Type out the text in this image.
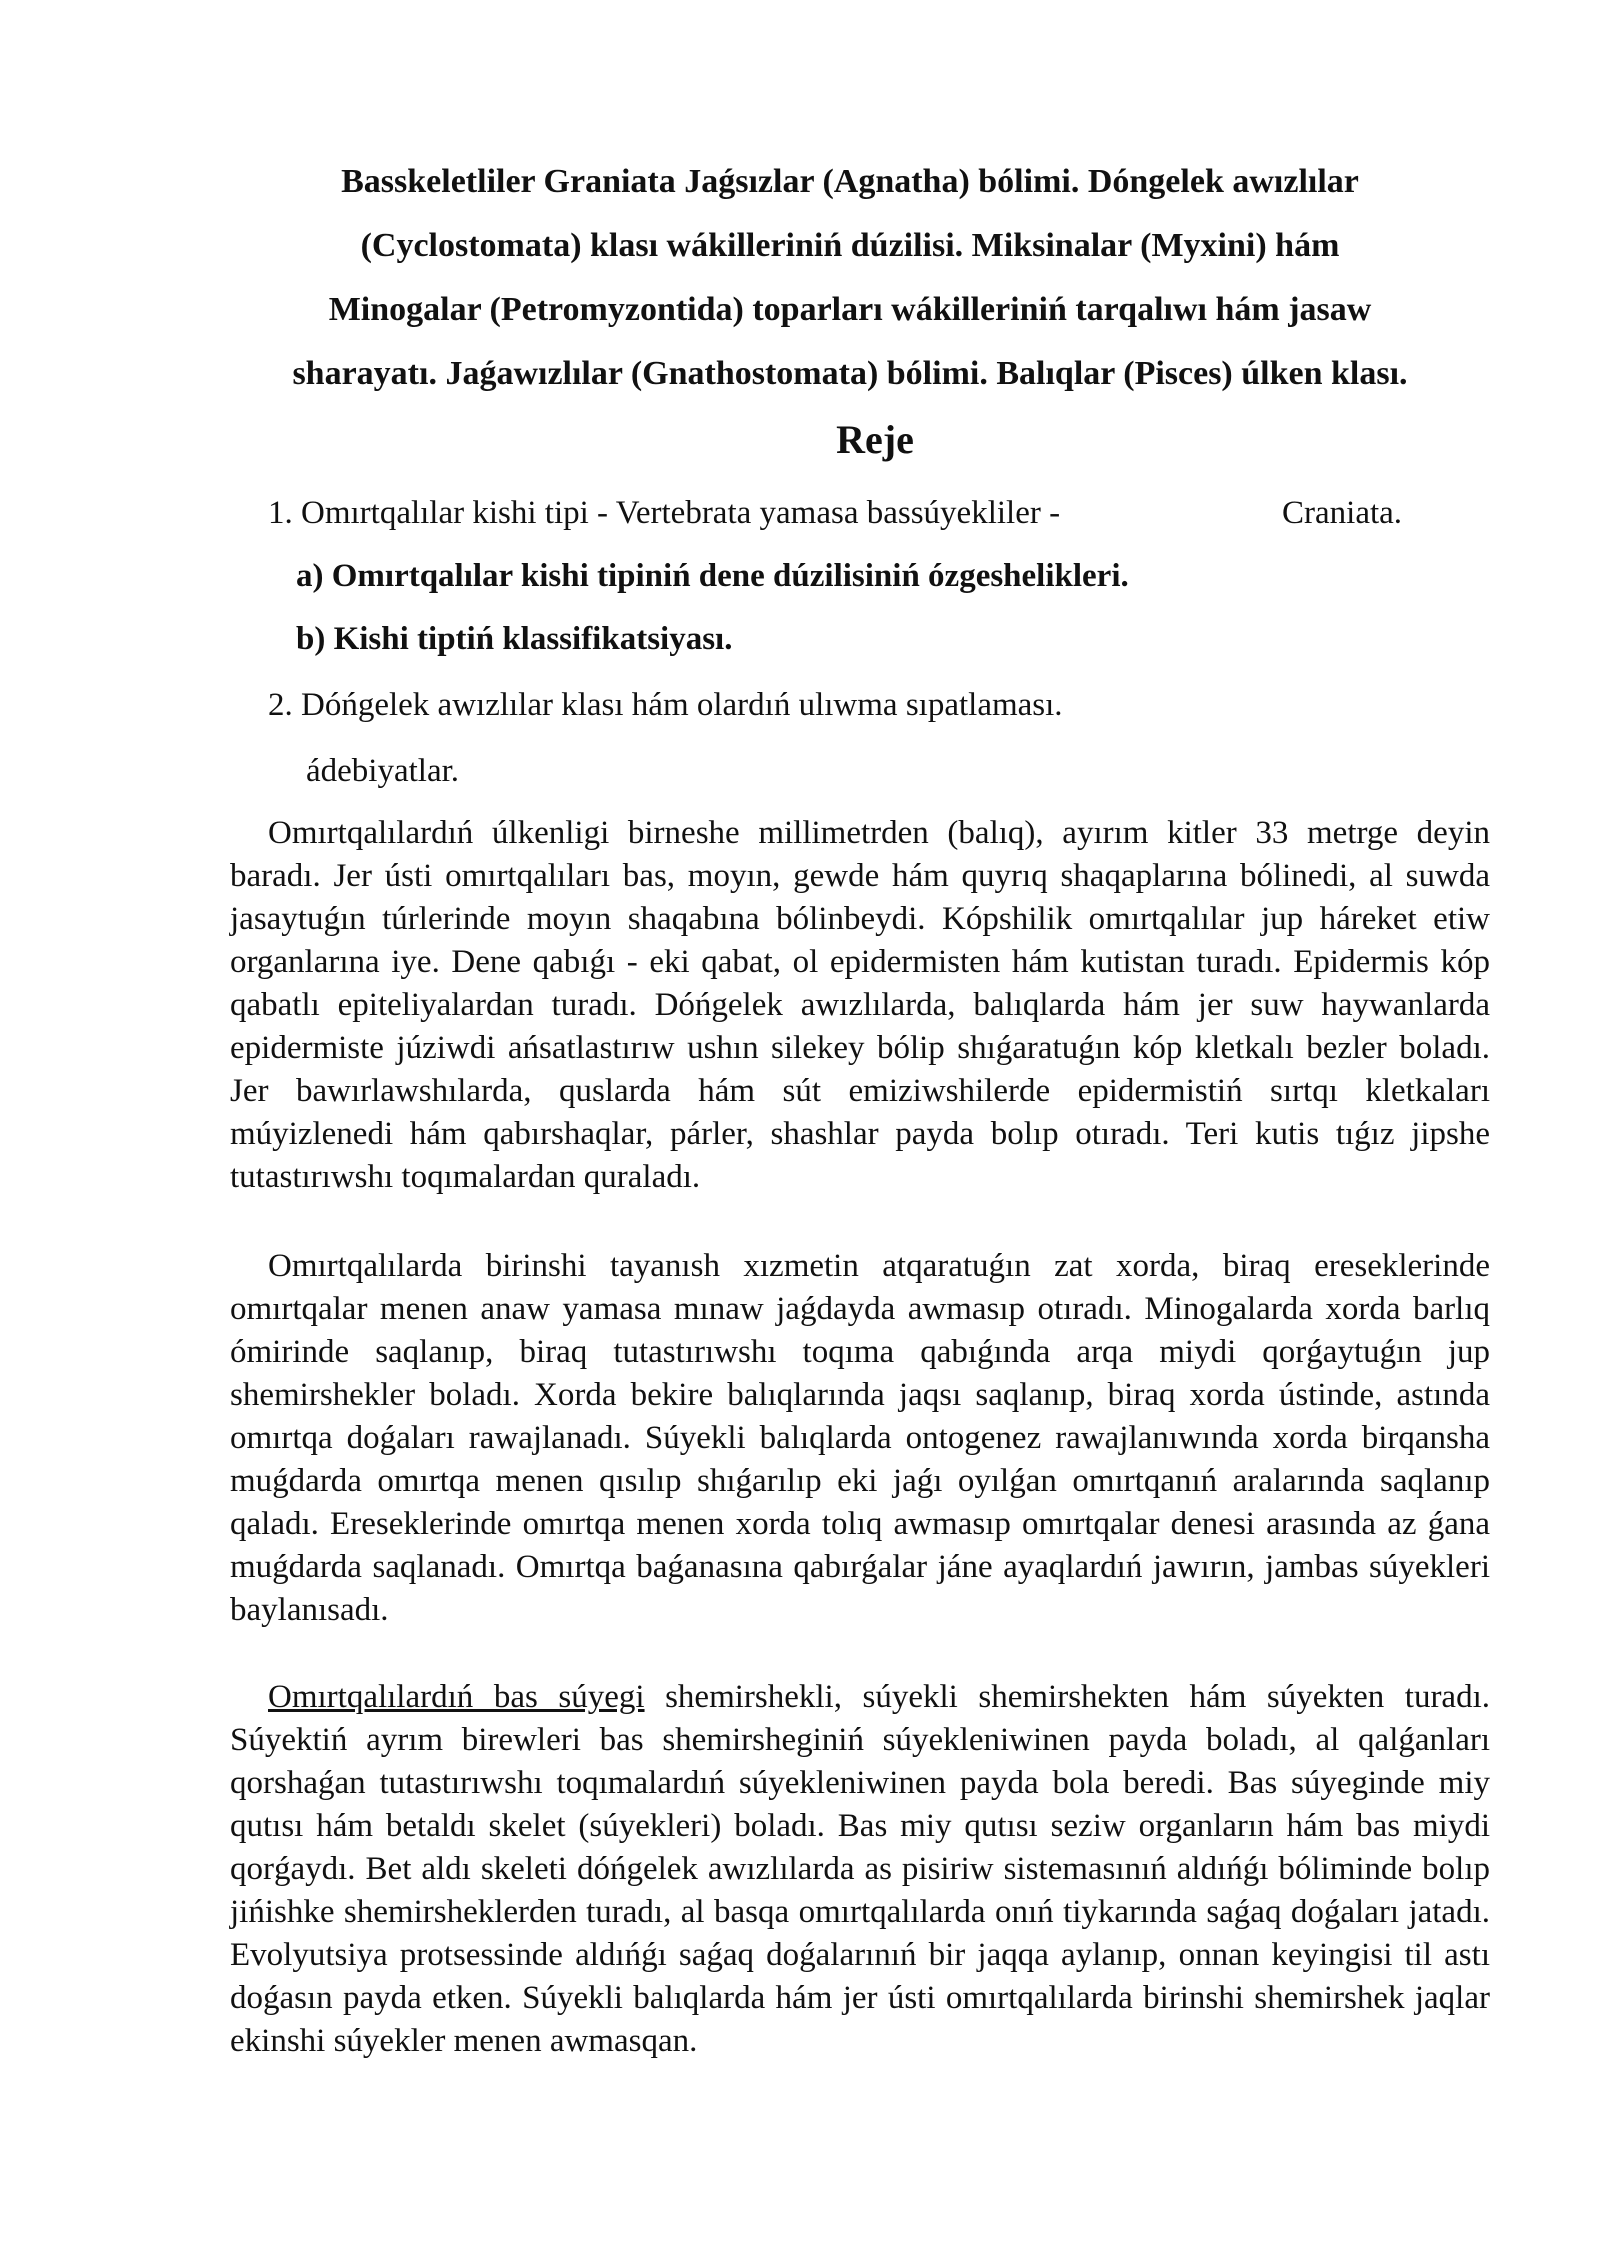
Basskeletliler Graniata Jaǵsızlar (Agnatha) bólimi. Dóngelek awızlılar
(Cyclostomata) klası wákilleriniń dúzilisi. Miksinalar (Myxini) hám
Minogalar (Petromyzontida) toparları wákilleriniń tarqalıwı hám jasaw
sharayatı. Jaǵawızlılar (Gnathostomata) bólimi. Balıqlar (Pisces) úlken klası.
Reje

1. Omırtqalılar kishi tipi - Vertebrata yamasa bassúyekliler -	Craniata.

a) Omırtqalılar kishi tipiniń dene dúzilisiniń ózgeshelikleri.

b) Kishi tiptiń klassifikatsiyası.

2. Dóńgelek awızlılar klası hám olardıń ulıwma sıpatlaması.

ádebiyatlar.

Omırtqalılardıń úlkenligi birneshe millimetrden (balıq), ayırım kitler 33 metrge deyin baradı. Jer ústi omırtqalıları bas, moyın, gewde hám quyrıq shaqaplarına bólinedi, al suwda jasaytuǵın túrlerinde moyın shaqabına bólinbeydi. Kópshilik omırtqalılar jup háreket etiw organlarına iye. Dene qabıǵı - eki qabat, ol epidermisten hám kutistan turadı. Epidermis kóp qabatlı epiteliyalardan turadı. Dóńgelek awızlılarda, balıqlarda hám jer suw haywanlarda epidermiste júziwdi ańsatlastırıw ushın silekey bólip shıǵaratuǵın kóp kletkalı bezler boladı. Jer bawırlawshılarda, quslarda hám sút emiziwshilerde epidermistiń sırtqı kletkaları múyizlenedi hám qabırshaqlar, párler, shashlar payda bolıp otıradı. Teri kutis tıǵız jipshe tutastırıwshı toqımalardan quraladı.

Omırtqalılarda birinshi tayanısh xızmetin atqaratuǵın zat xorda, biraq ereseklerinde omırtqalar menen anaw yamasa mınaw jaǵdayda awmasıp otıradı. Minogalarda xorda barlıq ómirinde saqlanıp, biraq tutastırıwshı toqıma qabıǵında arqa miydi qorǵaytuǵın jup shemirshekler boladı. Xorda bekire balıqlarında jaqsı saqlanıp, biraq xorda ústinde, astında omırtqa doǵaları rawajlanadı. Súyekli balıqlarda ontogenez rawajlanıwında xorda birqansha muǵdarda omırtqa menen qısılıp shıǵarılıp eki jaǵı oyılǵan omırtqanıń aralarında saqlanıp qaladı. Ereseklerinde omırtqa menen xorda tolıq awmasıp omırtqalar denesi arasında az ǵana muǵdarda saqlanadı. Omırtqa baǵanasına qabırǵalar jáne ayaqlardıń jawırın, jambas súyekleri baylanısadı.

Omırtqalılardıń bas súyegi shemirshekli, súyekli shemirshekten hám súyekten turadı. Súyektiń ayrım birewleri bas shemirsheginiń súyekleniwinen payda boladı, al qalǵanları qorshaǵan tutastırıwshı toqımalardıń súyekleniwinen payda bola beredi. Bas súyeginde miy qutısı hám betaldı skelet (súyekleri) boladı. Bas miy qutısı seziw organların hám bas miydi qorǵaydı. Bet aldı skeleti dóńgelek awızlılarda as pisiriw sistemasınıń aldıńǵı bóliminde bolıp jińishke shemirsheklerden turadı, al basqa omırtqalılarda onıń tiykarında saǵaq doǵaları jatadı. Evolyutsiya protsessinde aldıńǵı saǵaq doǵalarınıń bir jaqqa aylanıp, onnan keyingisi til astı doǵasın payda etken. Súyekli balıqlarda hám jer ústi omırtqalılarda birinshi shemirshek jaqlar ekinshi súyekler menen awmasqan.
